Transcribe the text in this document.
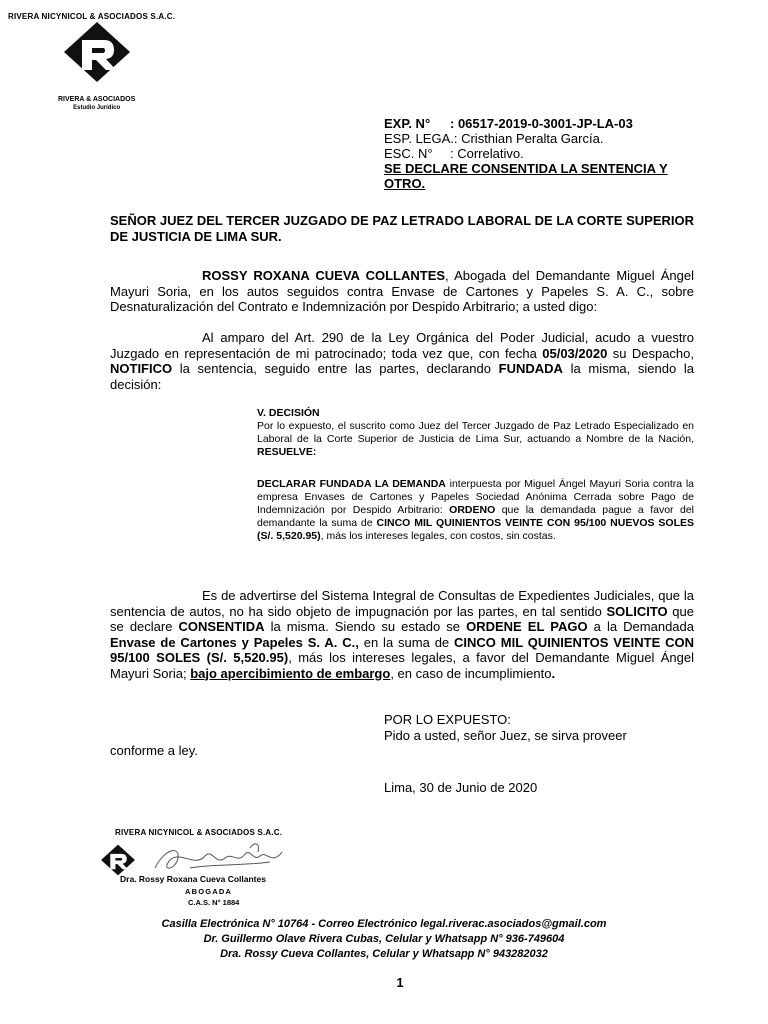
RIVERA NICYNICOL & ASOCIADOS S.A.C.
RIVERA & ASOCIADOS
Estudio Jurídico
EXP. N° : 06517-2019-0-3001-JP-LA-03
ESP. LEGA.: Cristhian Peralta García.
ESC. N° : Correlativo.
SE DECLARE CONSENTIDA LA SENTENCIA Y OTRO.
SEÑOR JUEZ DEL TERCER JUZGADO DE PAZ LETRADO LABORAL DE LA CORTE SUPERIOR DE JUSTICIA DE LIMA SUR.
ROSSY ROXANA CUEVA COLLANTES, Abogada del Demandante Miguel Ángel Mayuri Soria, en los autos seguidos contra Envase de Cartones y Papeles S. A. C., sobre Desnaturalización del Contrato e Indemnización por Despido Arbitrario; a usted digo:
Al amparo del Art. 290 de la Ley Orgánica del Poder Judicial, acudo a vuestro Juzgado en representación de mi patrocinado; toda vez que, con fecha 05/03/2020 su Despacho, NOTIFICO la sentencia, seguido entre las partes, declarando FUNDADA la misma, siendo la decisión:
V. DECISIÓN
Por lo expuesto, el suscrito como Juez del Tercer Juzgado de Paz Letrado Especializado en Laboral de la Corte Superior de Justicia de Lima Sur, actuando a Nombre de la Nación, RESUELVE:
DECLARAR FUNDADA LA DEMANDA interpuesta por Miguel Ángel Mayuri Soria contra la empresa Envases de Cartones y Papeles Sociedad Anónima Cerrada sobre Pago de Indemnización por Despido Arbitrario: ORDENO que la demandada pague a favor del demandante la suma de CINCO MIL QUINIENTOS VEINTE CON 95/100 NUEVOS SOLES (S/. 5,520.95), más los intereses legales, con costos, sin costas.
Es de advertirse del Sistema Integral de Consultas de Expedientes Judiciales, que la sentencia de autos, no ha sido objeto de impugnación por las partes, en tal sentido SOLICITO que se declare CONSENTIDA la misma. Siendo su estado se ORDENE EL PAGO a la Demandada Envase de Cartones y Papeles S. A. C., en la suma de CINCO MIL QUINIENTOS VEINTE CON 95/100 SOLES (S/. 5,520.95), más los intereses legales, a favor del Demandante Miguel Ángel Mayuri Soria; bajo apercibimiento de embargo, en caso de incumplimiento.
POR LO EXPUESTO:
Pido a usted, señor Juez, se sirva proveer
conforme a ley.
Lima, 30 de Junio de 2020
RIVERA NICYNICOL & ASOCIADOS S.A.C.
Dra. Rossy Roxana Cueva Collantes
ABOGADA
C.A.S. N° 1884
Casilla Electrónica N° 10764 - Correo Electrónico legal.riverac.asociados@gmail.com
Dr. Guillermo Olave Rivera Cubas, Celular y Whatsapp N° 936-749604
Dra. Rossy Cueva Collantes, Celular y Whatsapp N° 943282032
1
